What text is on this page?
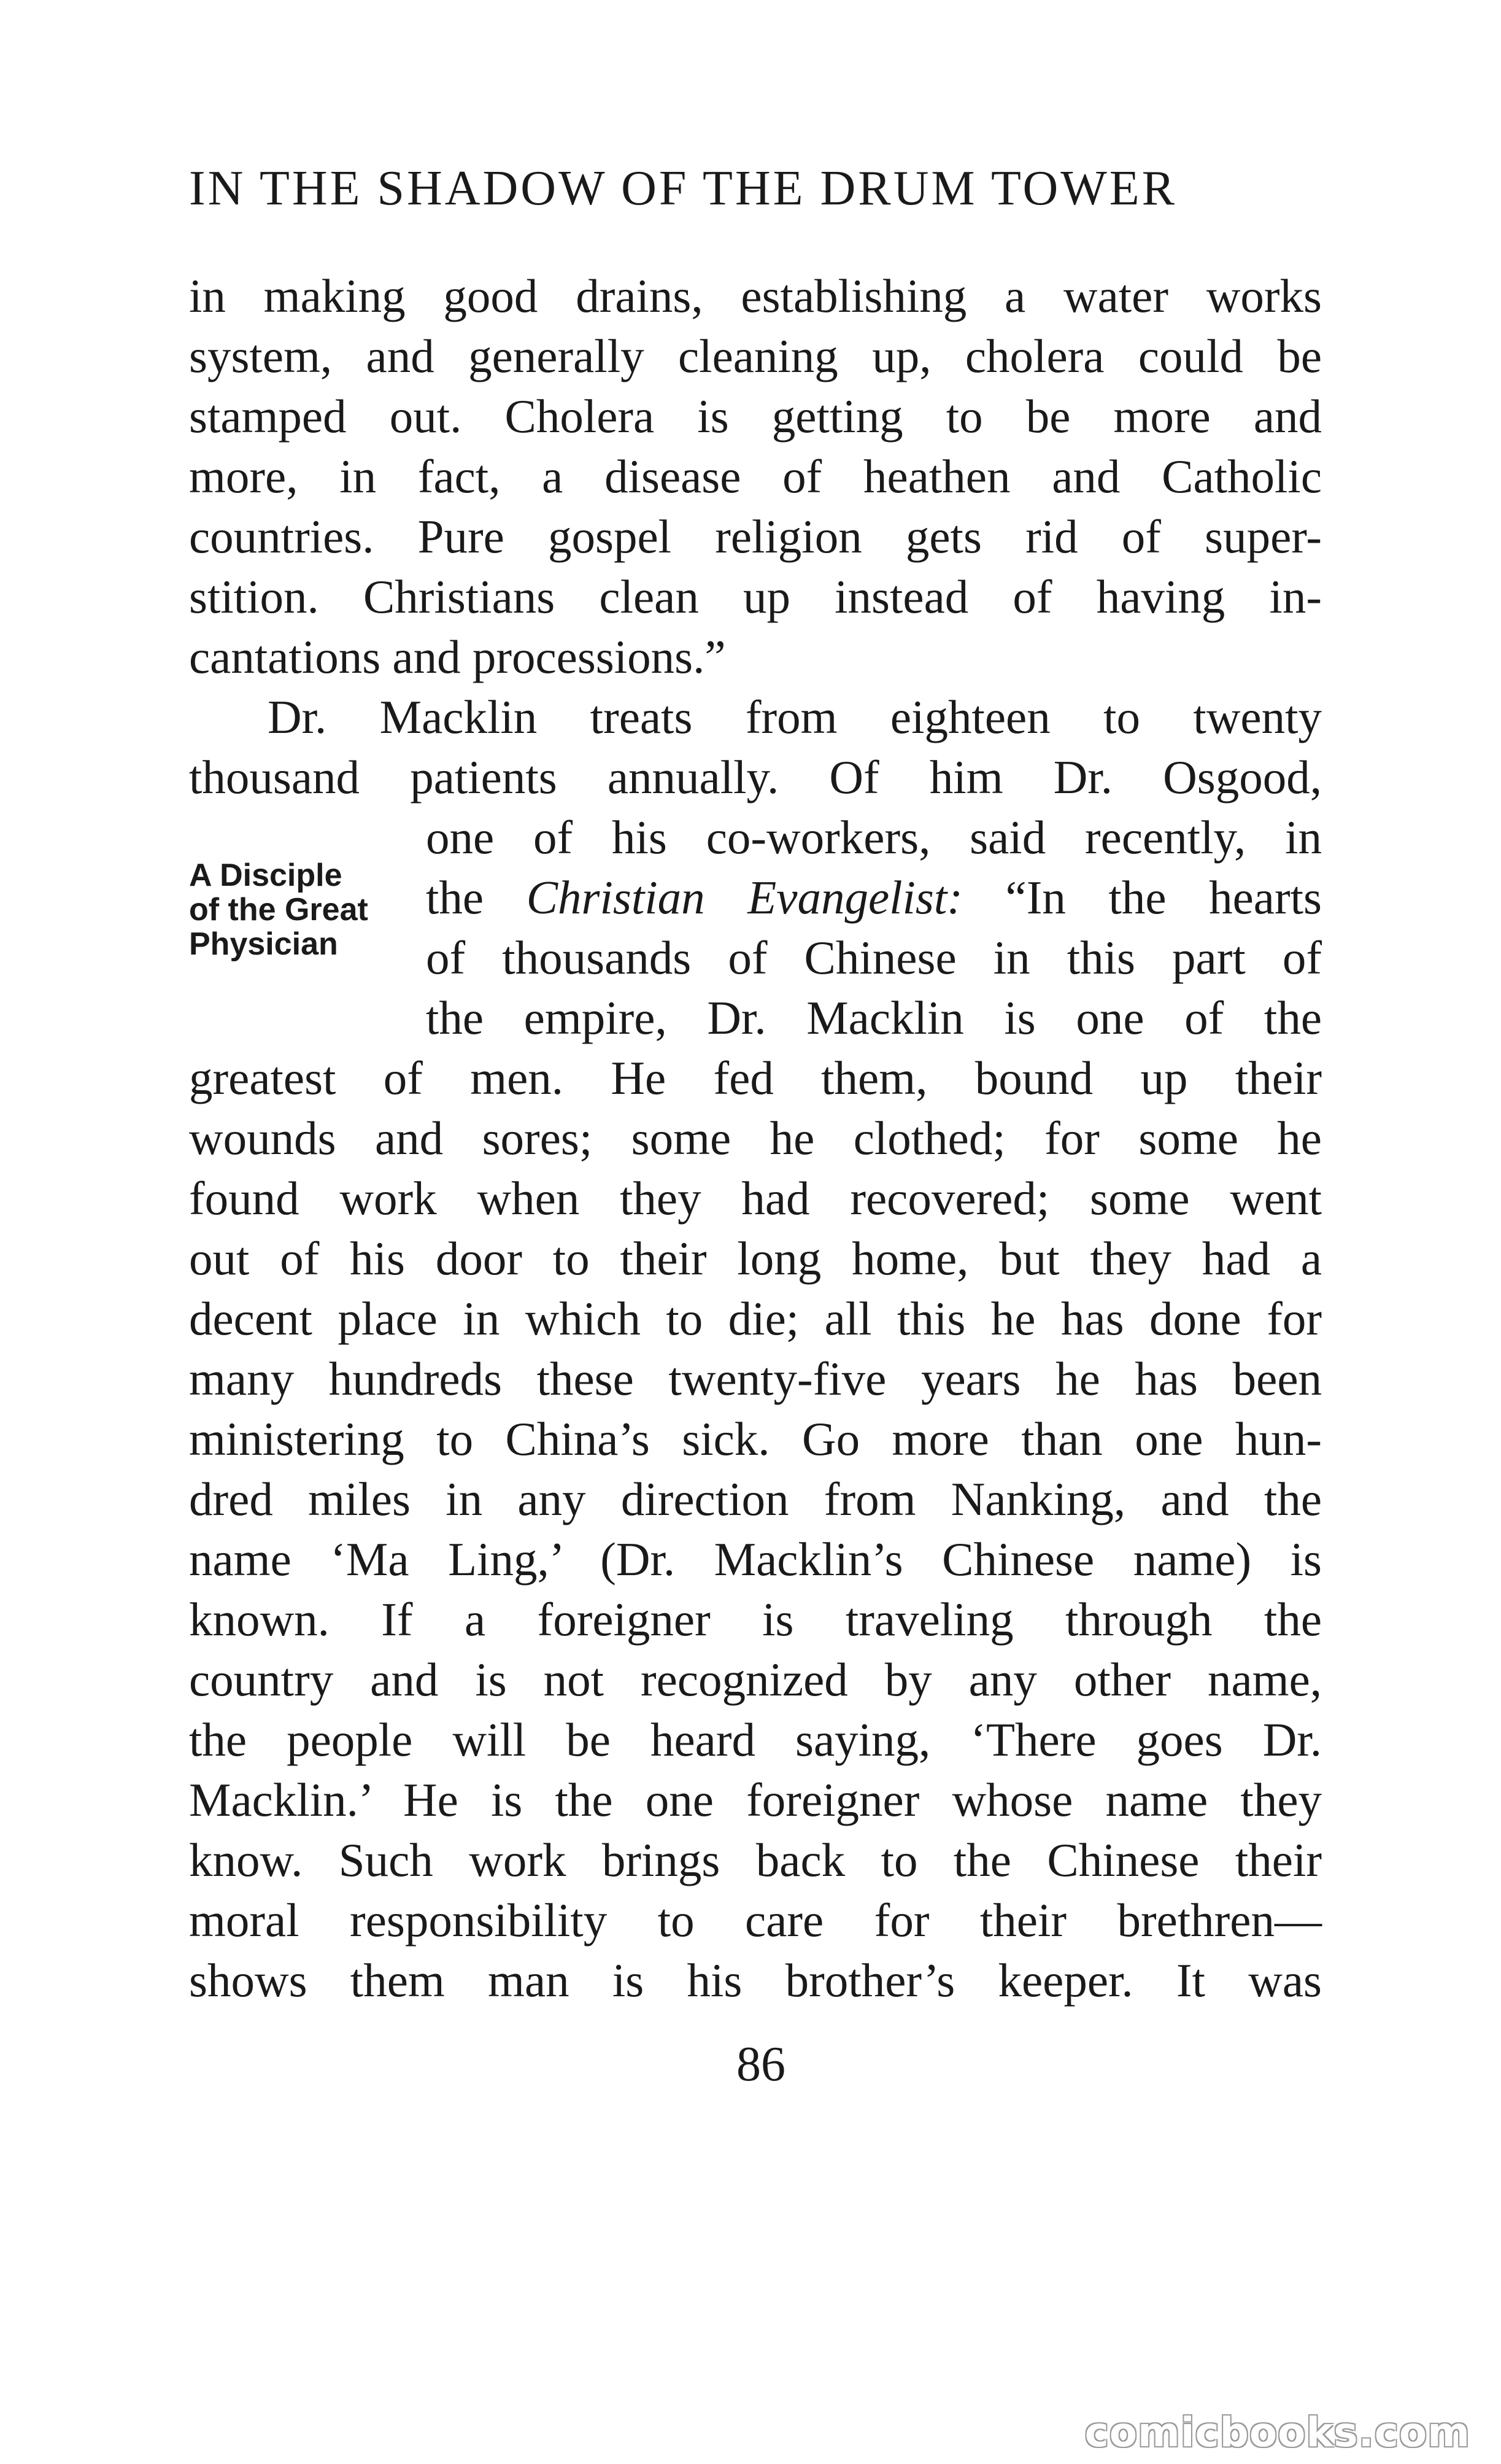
IN THE SHADOW OF THE DRUM TOWER
in making good drains, establishing a water works
system, and generally cleaning up, cholera could be
stamped out. Cholera is getting to be more and
more, in fact, a disease of heathen and Catholic
countries. Pure gospel religion gets rid of super-
stition. Christians clean up instead of having in-
cantations and processions.”
Dr. Macklin treats from eighteen to twenty
thousand patients annually. Of him Dr. Osgood,
one of his co-workers, said recently, in
the Christian Evangelist: “In the hearts
of thousands of Chinese in this part of
the empire, Dr. Macklin is one of the
A Disciple
of the Great
Physician
greatest of men. He fed them, bound up their
wounds and sores; some he clothed; for some he
found work when they had recovered; some went
out of his door to their long home, but they had a
decent place in which to die; all this he has done for
many hundreds these twenty-five years he has been
ministering to China’s sick. Go more than one hun-
dred miles in any direction from Nanking, and the
name ‘Ma Ling,’ (Dr. Macklin’s Chinese name) is
known. If a foreigner is traveling through the
country and is not recognized by any other name,
the people will be heard saying, ‘There goes Dr.
Macklin.’ He is the one foreigner whose name they
know. Such work brings back to the Chinese their
moral responsibility to care for their brethren—
shows them man is his brother’s keeper. It was
86
comicbooks.com
